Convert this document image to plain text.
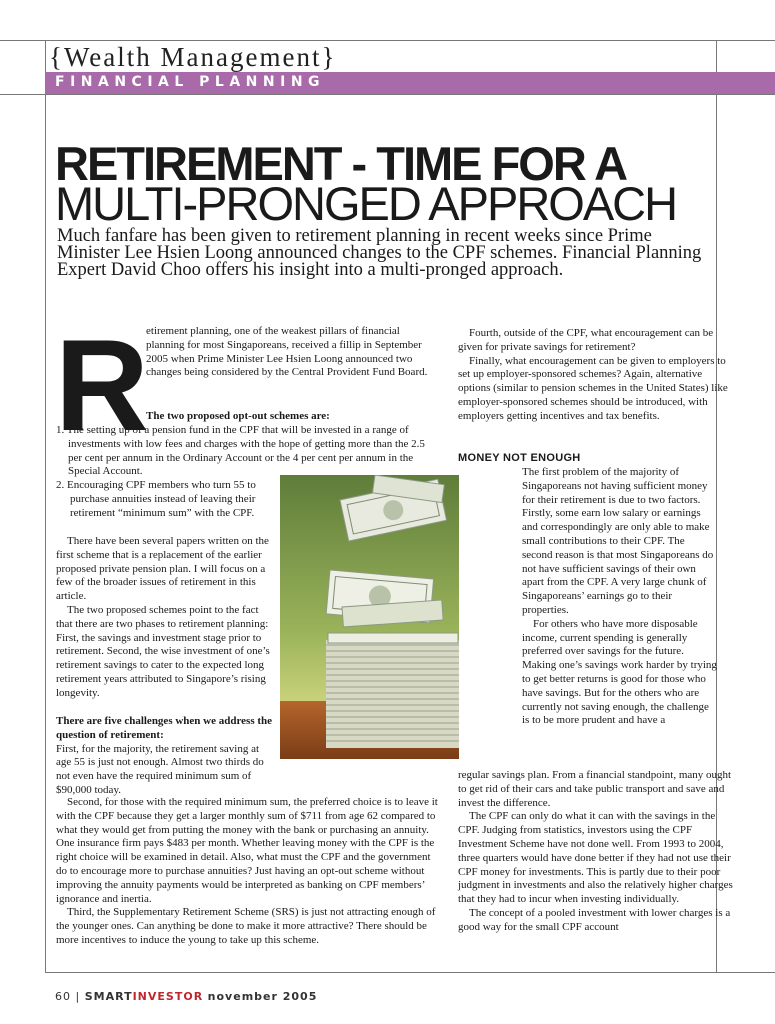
{Wealth Management}
FINANCIAL PLANNING
RETIREMENT - TIME FOR A
MULTI-PRONGED APPROACH
Much fanfare has been given to retirement planning in recent weeks since Prime Minister Lee Hsien Loong announced changes to the CPF schemes. Financial Planning Expert David Choo offers his insight into a multi-pronged approach.
R
etirement planning, one of the weakest pillars of financial planning for most Singaporeans, received a fillip in September 2005 when Prime Minister Lee Hsien Loong announced two changes being considered by the Central Provident Fund Board.
The two proposed opt-out schemes are:

1. The setting up of a pension fund in the CPF that will be invested in a range of investments with low fees and charges with the hope of getting more than the 2.5 per cent per annum in the Ordinary Account or the 4 per cent per annum in the Special Account.

2. Encouraging CPF members who turn 55 to purchase annuities instead of leaving their retirement “minimum sum” with the CPF.

There have been several papers written on the first scheme that is a replacement of the earlier proposed private pension plan. I will focus on a few of the broader issues of retirement in this article.

The two proposed schemes point to the fact that there are two phases to retirement planning: First, the savings and investment stage prior to retirement. Second, the wise investment of one’s retirement savings to cater to the expected long retirement years attributed to Singapore’s rising longevity.

There are five challenges when we address the question of retirement:

First, for the majority, the retirement saving at age 55 is just not enough. Almost two thirds do not even have the required minimum sum of $90,000 today.

Second, for those with the required minimum sum, the preferred choice is to leave it with the CPF because they get a larger monthly sum of $711 from age 62 compared to what they would get from putting the money with the bank or purchasing an annuity. One insurance firm pays $483 per month. Whether leaving money with the CPF is the right choice will be examined in detail. Also, what must the CPF and the government do to encourage more to purchase annuities? Just having an opt-out scheme without improving the annuity payments would be interpreted as banking on CPF members’ ignorance and inertia.

Third, the Supplementary Retirement Scheme (SRS) is just not attracting enough of the younger ones. Can anything be done to make it more attractive? There should be more incentives to induce the young to take up this scheme.

Fourth, outside of the CPF, what encouragement can be given for private savings for retirement?

Finally, what encouragement can be given to employers to set up employer-sponsored schemes? Again, alternative options (similar to pension schemes in the United States) like employer-sponsored schemes should be introduced, with employers getting incentives and tax benefits.

MONEY NOT ENOUGH

The first problem of the majority of Singaporeans not having sufficient money for their retirement is due to two factors. Firstly, some earn low salary or earnings and correspondingly are only able to make small contributions to their CPF. The second reason is that most Singaporeans do not have sufficient savings of their own apart from the CPF. A very large chunk of Singaporeans’ earnings go to their properties.

For others who have more disposable income, current spending is generally preferred over savings for the future. Making one’s savings work harder by trying to get better returns is good for those who have savings. But for the others who are currently not saving enough, the challenge is to be more prudent and have a

regular savings plan. From a financial standpoint, many ought to get rid of their cars and take public transport and save and invest the difference.

The CPF can only do what it can with the savings in the CPF. Judging from statistics, investors using the CPF Investment Scheme have not done well. From 1993 to 2004, three quarters would have done better if they had not use their CPF money for investments. This is partly due to their poor judgment in investments and also the relatively higher charges that they had to incur when investing individually.

The concept of a pooled investment with lower charges is a good way for the small CPF account

60 | SMARTINVESTOR november 2005
